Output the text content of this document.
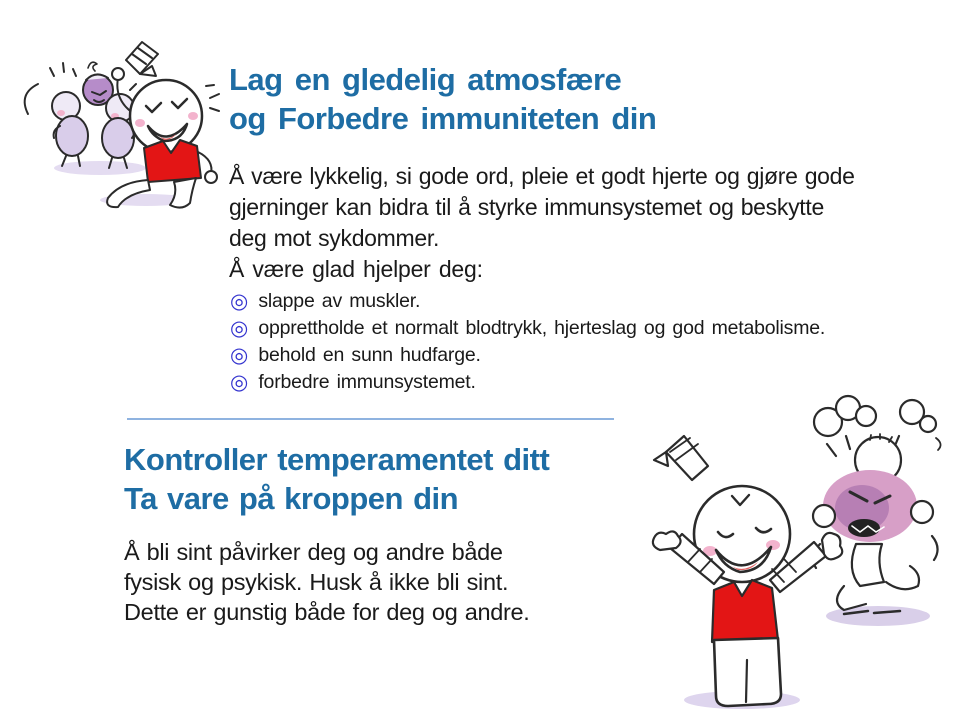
Lag en gledelig atmosfære
og Forbedre immuniteten din
Å være lykkelig, si gode ord, pleie et godt hjerte og gjøre gode
gjerninger kan bidra til å styrke immunsystemet og beskytte
deg mot sykdommer.
Å være glad hjelper deg:
◎ slappe av muskler.
◎ opprettholde et normalt blodtrykk, hjerteslag og god metabolisme.
◎ behold en sunn hudfarge.
◎ forbedre immunsystemet.
Kontroller temperamentet ditt
Ta vare på kroppen din
Å bli sint påvirker deg og andre både
fysisk og psykisk. Husk å ikke bli sint.
Dette er gunstig både for deg og andre.
